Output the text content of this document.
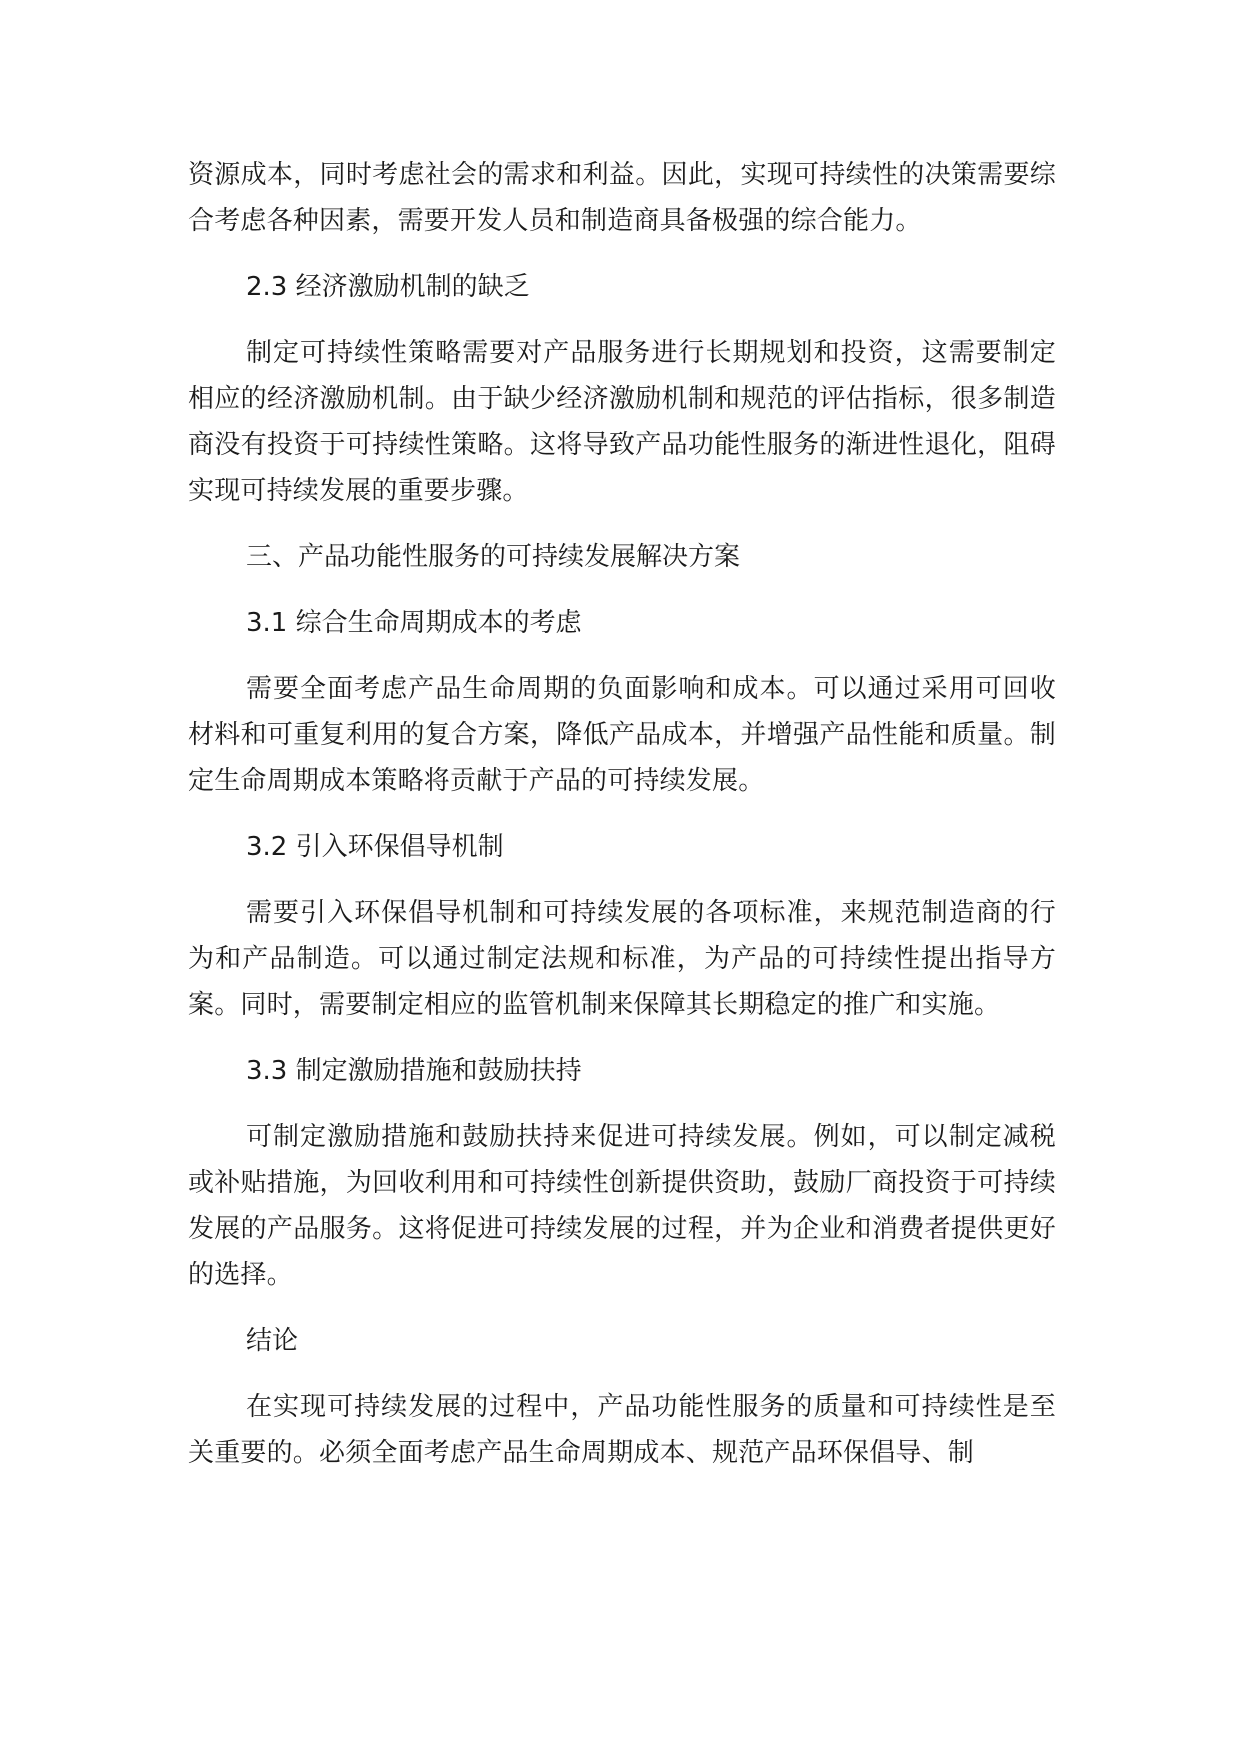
资源成本，同时考虑社会的需求和利益。因此，实现可持续性的决策需要综合考虑各种因素，需要开发人员和制造商具备极强的综合能力。

2.3 经济激励机制的缺乏

制定可持续性策略需要对产品服务进行长期规划和投资，这需要制定相应的经济激励机制。由于缺少经济激励机制和规范的评估指标，很多制造商没有投资于可持续性策略。这将导致产品功能性服务的渐进性退化，阻碍实现可持续发展的重要步骤。

三、产品功能性服务的可持续发展解决方案

3.1 综合生命周期成本的考虑

需要全面考虑产品生命周期的负面影响和成本。可以通过采用可回收材料和可重复利用的复合方案，降低产品成本，并增强产品性能和质量。制定生命周期成本策略将贡献于产品的可持续发展。

3.2 引入环保倡导机制

需要引入环保倡导机制和可持续发展的各项标准，来规范制造商的行为和产品制造。可以通过制定法规和标准，为产品的可持续性提出指导方案。同时，需要制定相应的监管机制来保障其长期稳定的推广和实施。

3.3 制定激励措施和鼓励扶持

可制定激励措施和鼓励扶持来促进可持续发展。例如，可以制定减税或补贴措施，为回收利用和可持续性创新提供资助，鼓励厂商投资于可持续发展的产品服务。这将促进可持续发展的过程，并为企业和消费者提供更好的选择。

结论

在实现可持续发展的过程中，产品功能性服务的质量和可持续性是至关重要的。必须全面考虑产品生命周期成本、规范产品环保倡导、制
